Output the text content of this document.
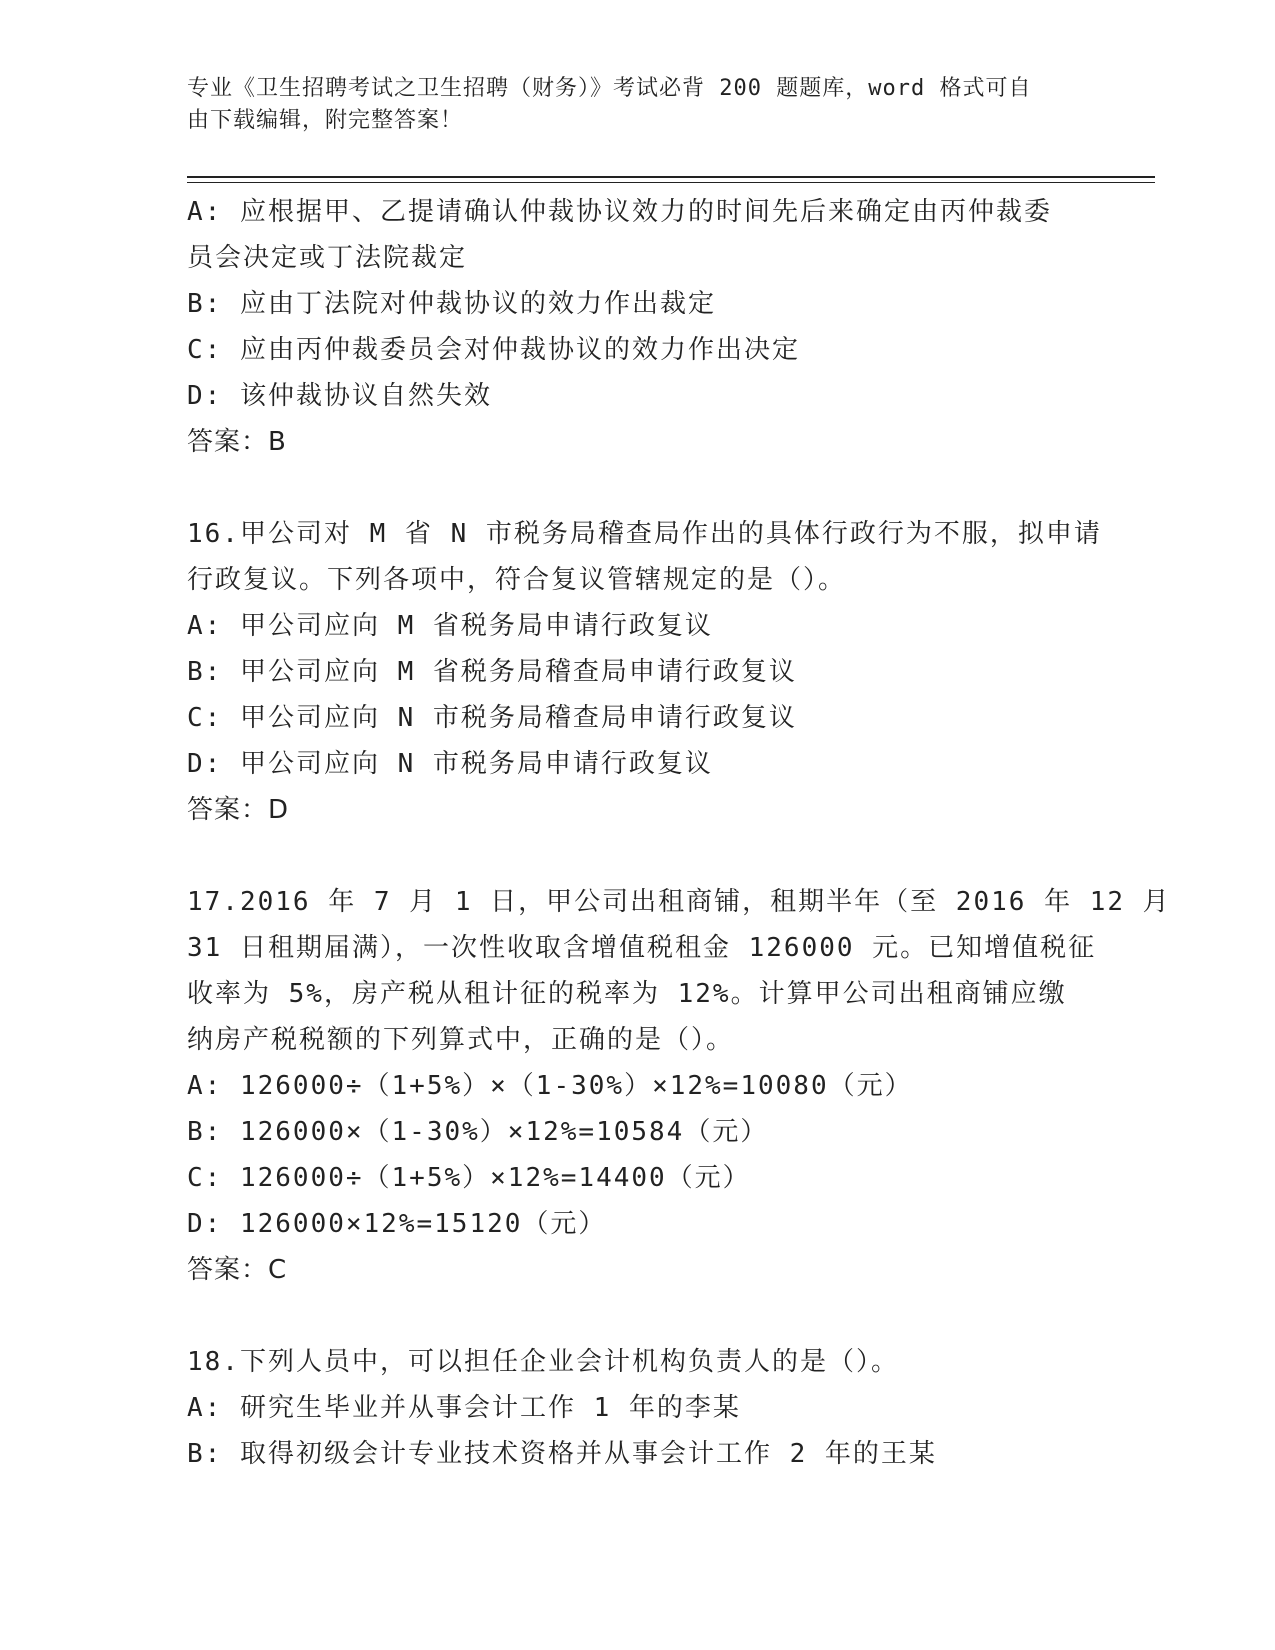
专业《卫生招聘考试之卫生招聘（财务）》考试必背 200 题题库，word 格式可自
由下载编辑，附完整答案！
A: 应根据甲、乙提请确认仲裁协议效力的时间先后来确定由丙仲裁委
员会决定或丁法院裁定
B: 应由丁法院对仲裁协议的效力作出裁定
C: 应由丙仲裁委员会对仲裁协议的效力作出决定
D: 该仲裁协议自然失效
答案：B
16.甲公司对 M 省 N 市税务局稽查局作出的具体行政行为不服，拟申请
行政复议。下列各项中，符合复议管辖规定的是（）。
A: 甲公司应向 M 省税务局申请行政复议
B: 甲公司应向 M 省税务局稽查局申请行政复议
C: 甲公司应向 N 市税务局稽查局申请行政复议
D: 甲公司应向 N 市税务局申请行政复议
答案：D
17.2016 年 7 月 1 日，甲公司出租商铺，租期半年（至 2016 年 12 月
31 日租期届满），一次性收取含增值税租金 126000 元。已知增值税征
收率为 5%，房产税从租计征的税率为 12%。计算甲公司出租商铺应缴
纳房产税税额的下列算式中，正确的是（）。
A: 126000÷（1+5%）×（1-30%）×12%=10080（元）
B: 126000×（1-30%）×12%=10584（元）
C: 126000÷（1+5%）×12%=14400（元）
D: 126000×12%=15120（元）
答案：C
18.下列人员中，可以担任企业会计机构负责人的是（）。
A: 研究生毕业并从事会计工作 1 年的李某
B: 取得初级会计专业技术资格并从事会计工作 2 年的王某
